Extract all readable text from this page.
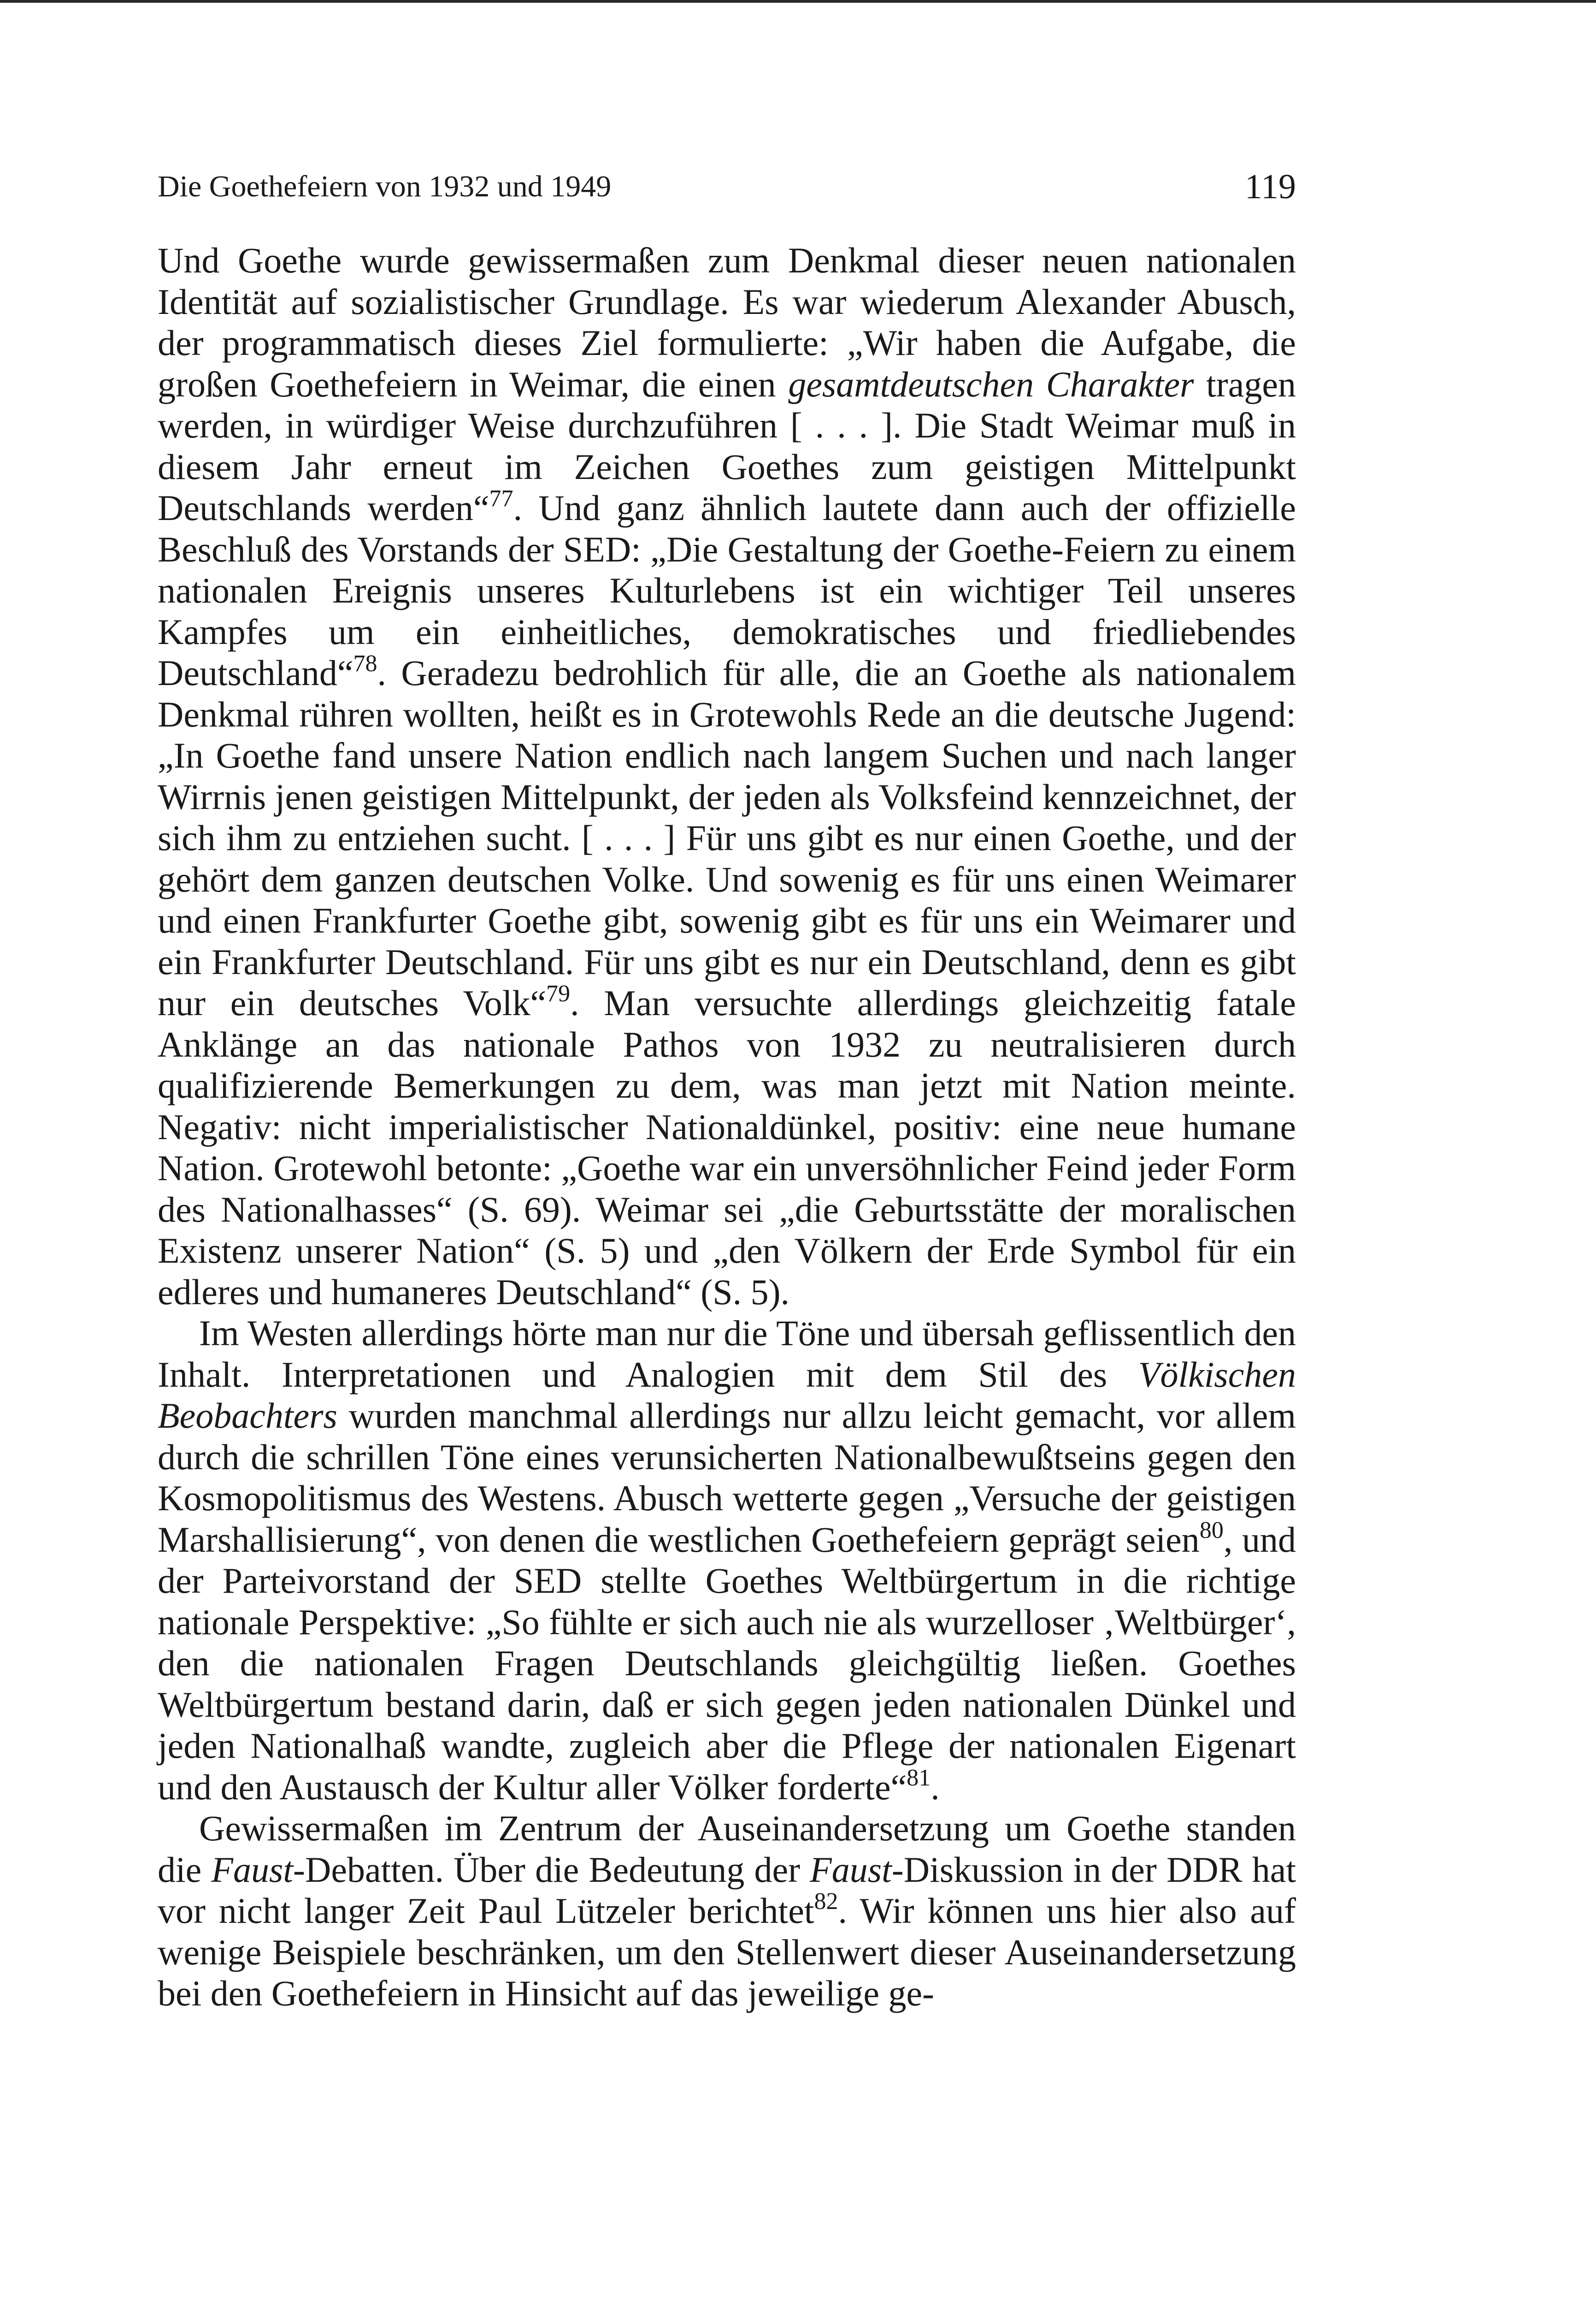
Die Goethefeiern von 1932 und 1949	119

Und Goethe wurde gewissermaßen zum Denkmal dieser neuen nationalen Identität auf sozialistischer Grundlage. Es war wiederum Alexander Abusch, der programmatisch dieses Ziel formulierte: „Wir haben die Aufgabe, die großen Goethefeiern in Weimar, die einen gesamtdeutschen Charakter tragen werden, in würdiger Weise durchzuführen [ . . . ]. Die Stadt Weimar muß in diesem Jahr erneut im Zeichen Goethes zum geistigen Mittelpunkt Deutschlands werden“$^{77}$. Und ganz ähnlich lautete dann auch der offizielle Beschluß des Vorstands der SED: „Die Gestaltung der Goethe-Feiern zu einem nationalen Ereignis unseres Kulturlebens ist ein wichtiger Teil unseres Kampfes um ein einheitliches, demokratisches und friedliebendes Deutschland“$^{78}$. Geradezu bedrohlich für alle, die an Goethe als nationalem Denkmal rühren wollten, heißt es in Grotewohls Rede an die deutsche Jugend: „In Goethe fand unsere Nation endlich nach langem Suchen und nach langer Wirrnis jenen geistigen Mittelpunkt, der jeden als Volksfeind kennzeichnet, der sich ihm zu entziehen sucht. [ . . . ] Für uns gibt es nur einen Goethe, und der gehört dem ganzen deutschen Volke. Und sowenig es für uns einen Weimarer und einen Frankfurter Goethe gibt, sowenig gibt es für uns ein Weimarer und ein Frankfurter Deutschland. Für uns gibt es nur ein Deutschland, denn es gibt nur ein deutsches Volk“$^{79}$. Man versuchte allerdings gleichzeitig fatale Anklänge an das nationale Pathos von 1932 zu neutralisieren durch qualifizierende Bemerkungen zu dem, was man jetzt mit Nation meinte. Negativ: nicht imperialistischer Nationaldünkel, positiv: eine neue humane Nation. Grotewohl betonte: „Goethe war ein unversöhnlicher Feind jeder Form des Nationalhasses“ (S. 69). Weimar sei „die Geburtsstätte der moralischen Existenz unserer Nation“ (S. 5) und „den Völkern der Erde Symbol für ein edleres und humaneres Deutschland“ (S. 5).

Im Westen allerdings hörte man nur die Töne und übersah geflissentlich den Inhalt. Interpretationen und Analogien mit dem Stil des Völkischen Beobachters wurden manchmal allerdings nur allzu leicht gemacht, vor allem durch die schrillen Töne eines verunsicherten Nationalbewußtseins gegen den Kosmopolitismus des Westens. Abusch wetterte gegen „Versuche der geistigen Marshallisierung“, von denen die westlichen Goethefeiern geprägt seien$^{80}$, und der Parteivorstand der SED stellte Goethes Weltbürgertum in die richtige nationale Perspektive: „So fühlte er sich auch nie als wurzelloser ‚Weltbürger‘, den die nationalen Fragen Deutschlands gleichgültig ließen. Goethes Weltbürgertum bestand darin, daß er sich gegen jeden nationalen Dünkel und jeden Nationalhaß wandte, zugleich aber die Pflege der nationalen Eigenart und den Austausch der Kultur aller Völker forderte“$^{81}$.

Gewissermaßen im Zentrum der Auseinandersetzung um Goethe standen die Faust-Debatten. Über die Bedeutung der Faust-Diskussion in der DDR hat vor nicht langer Zeit Paul Lützeler berichtet$^{82}$. Wir können uns hier also auf wenige Beispiele beschränken, um den Stellenwert dieser Auseinandersetzung bei den Goethefeiern in Hinsicht auf das jeweilige ge-
